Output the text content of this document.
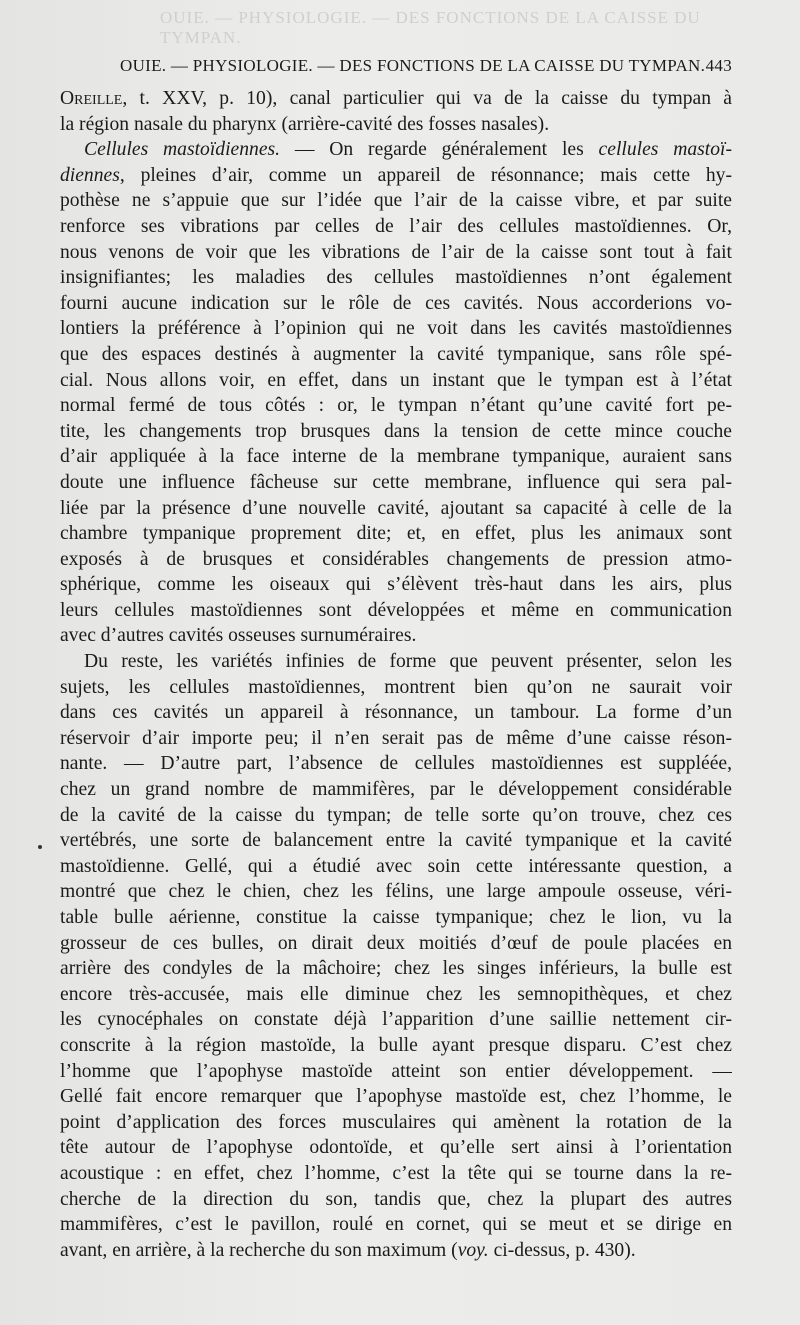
OUIE. — PHYSIOLOGIE. — DES FONCTIONS DE LA CAISSE DU TYMPAN.
OUIE. — PHYSIOLOGIE. — DES FONCTIONS DE LA CAISSE DU TYMPAN. 443
Oreille, t. XXV, p. 10), canal particulier qui va de la caisse du tympan à
la région nasale du pharynx (arrière-cavité des fosses nasales).
Cellules mastoïdiennes. — On regarde généralement les cellules mastoï-
diennes, pleines d’air, comme un appareil de résonnance; mais cette hy-
pothèse ne s’appuie que sur l’idée que l’air de la caisse vibre, et par suite
renforce ses vibrations par celles de l’air des cellules mastoïdiennes. Or,
nous venons de voir que les vibrations de l’air de la caisse sont tout à fait
insignifiantes; les maladies des cellules mastoïdiennes n’ont également
fourni aucune indication sur le rôle de ces cavités. Nous accorderions vo-
lontiers la préférence à l’opinion qui ne voit dans les cavités mastoïdiennes
que des espaces destinés à augmenter la cavité tympanique, sans rôle spé-
cial. Nous allons voir, en effet, dans un instant que le tympan est à l’état
normal fermé de tous côtés : or, le tympan n’étant qu’une cavité fort pe-
tite, les changements trop brusques dans la tension de cette mince couche
d’air appliquée à la face interne de la membrane tympanique, auraient sans
doute une influence fâcheuse sur cette membrane, influence qui sera pal-
liée par la présence d’une nouvelle cavité, ajoutant sa capacité à celle de la
chambre tympanique proprement dite; et, en effet, plus les animaux sont
exposés à de brusques et considérables changements de pression atmo-
sphérique, comme les oiseaux qui s’élèvent très-haut dans les airs, plus
leurs cellules mastoïdiennes sont développées et même en communication
avec d’autres cavités osseuses surnuméraires.
Du reste, les variétés infinies de forme que peuvent présenter, selon les
sujets, les cellules mastoïdiennes, montrent bien qu’on ne saurait voir
dans ces cavités un appareil à résonnance, un tambour. La forme d’un
réservoir d’air importe peu; il n’en serait pas de même d’une caisse réson-
nante. — D’autre part, l’absence de cellules mastoïdiennes est suppléée,
chez un grand nombre de mammifères, par le développement considérable
de la cavité de la caisse du tympan; de telle sorte qu’on trouve, chez ces
vertébrés, une sorte de balancement entre la cavité tympanique et la cavité
mastoïdienne. Gellé, qui a étudié avec soin cette intéressante question, a
montré que chez le chien, chez les félins, une large ampoule osseuse, véri-
table bulle aérienne, constitue la caisse tympanique; chez le lion, vu la
grosseur de ces bulles, on dirait deux moitiés d’œuf de poule placées en
arrière des condyles de la mâchoire; chez les singes inférieurs, la bulle est
encore très-accusée, mais elle diminue chez les semnopithèques, et chez
les cynocéphales on constate déjà l’apparition d’une saillie nettement cir-
conscrite à la région mastoïde, la bulle ayant presque disparu. C’est chez
l’homme que l’apophyse mastoïde atteint son entier développement. —
Gellé fait encore remarquer que l’apophyse mastoïde est, chez l’homme, le
point d’application des forces musculaires qui amènent la rotation de la
tête autour de l’apophyse odontoïde, et qu’elle sert ainsi à l’orientation
acoustique : en effet, chez l’homme, c’est la tête qui se tourne dans la re-
cherche de la direction du son, tandis que, chez la plupart des autres
mammifères, c’est le pavillon, roulé en cornet, qui se meut et se dirige en
avant, en arrière, à la recherche du son maximum (voy. ci-dessus, p. 430).
